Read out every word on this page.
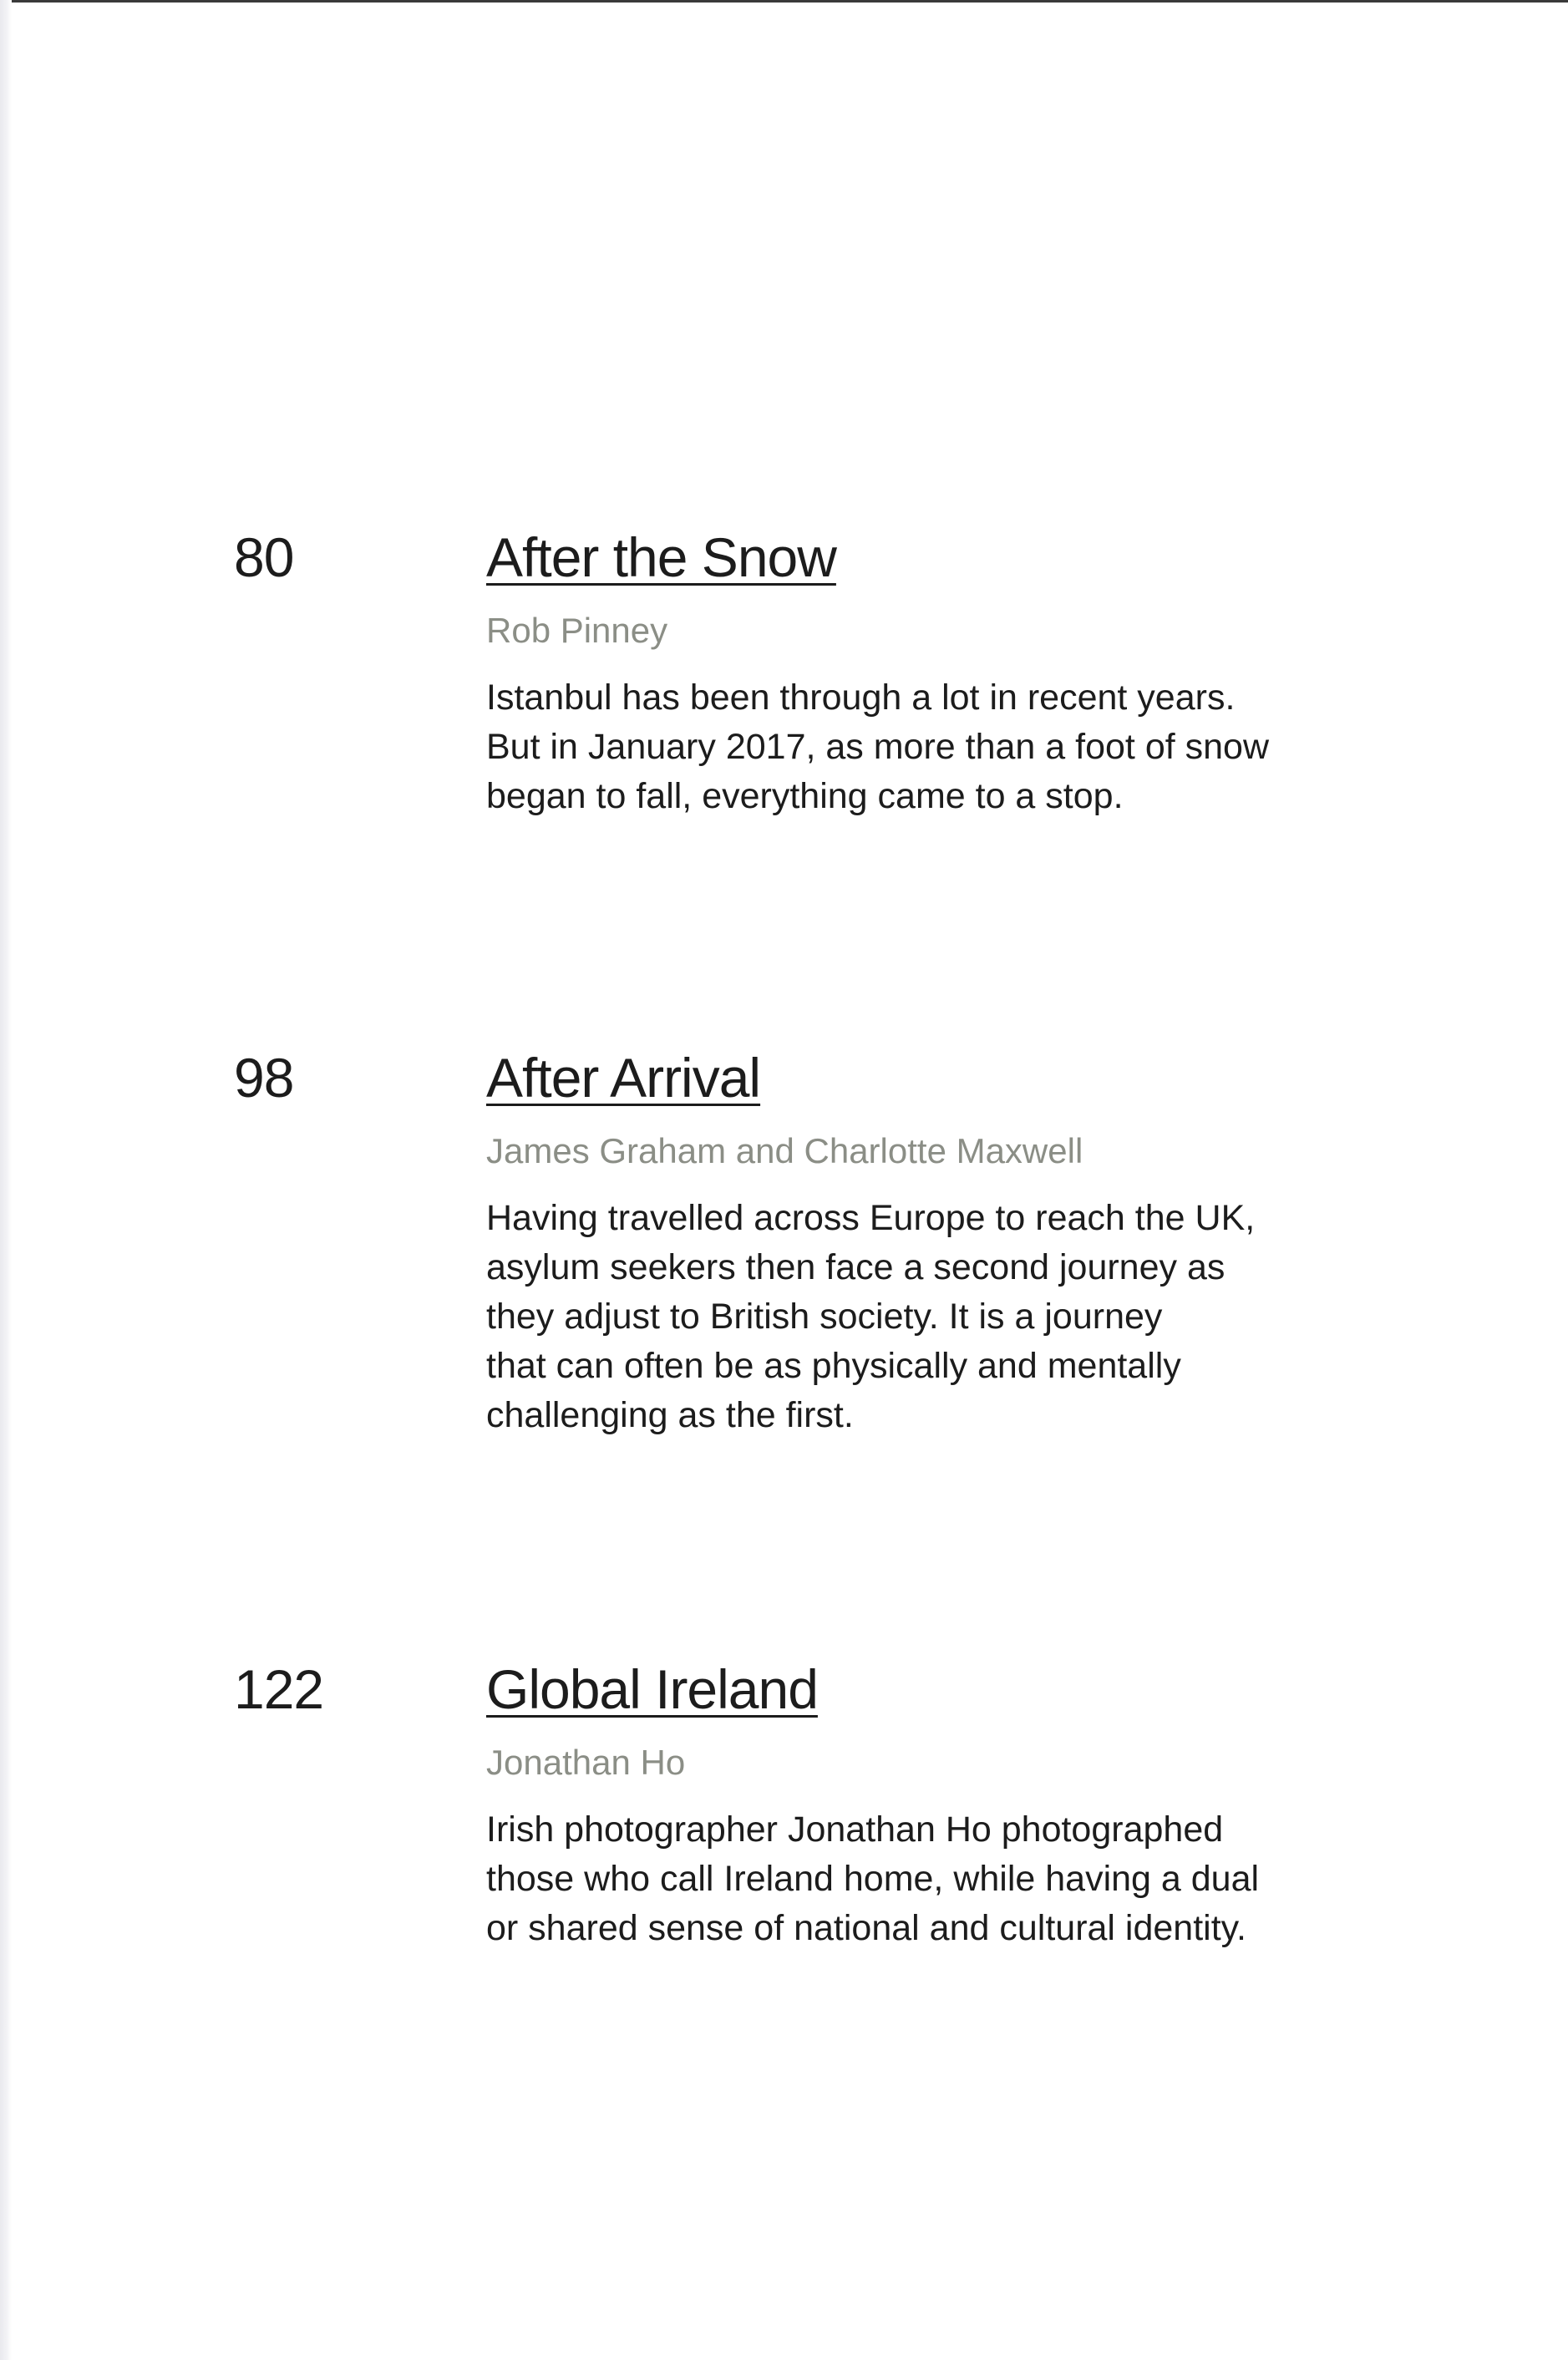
80	After the Snow
Rob Pinney
Istanbul has been through a lot in recent years.
But in January 2017, as more than a foot of snow
began to fall, everything came to a stop.
98	After Arrival
James Graham and Charlotte Maxwell
Having travelled across Europe to reach the UK,
asylum seekers then face a second journey as
they adjust to British society. It is a journey
that can often be as physically and mentally
challenging as the first.
122	Global Ireland
Jonathan Ho
Irish photographer Jonathan Ho photographed
those who call Ireland home, while having a dual
or shared sense of national and cultural identity.
